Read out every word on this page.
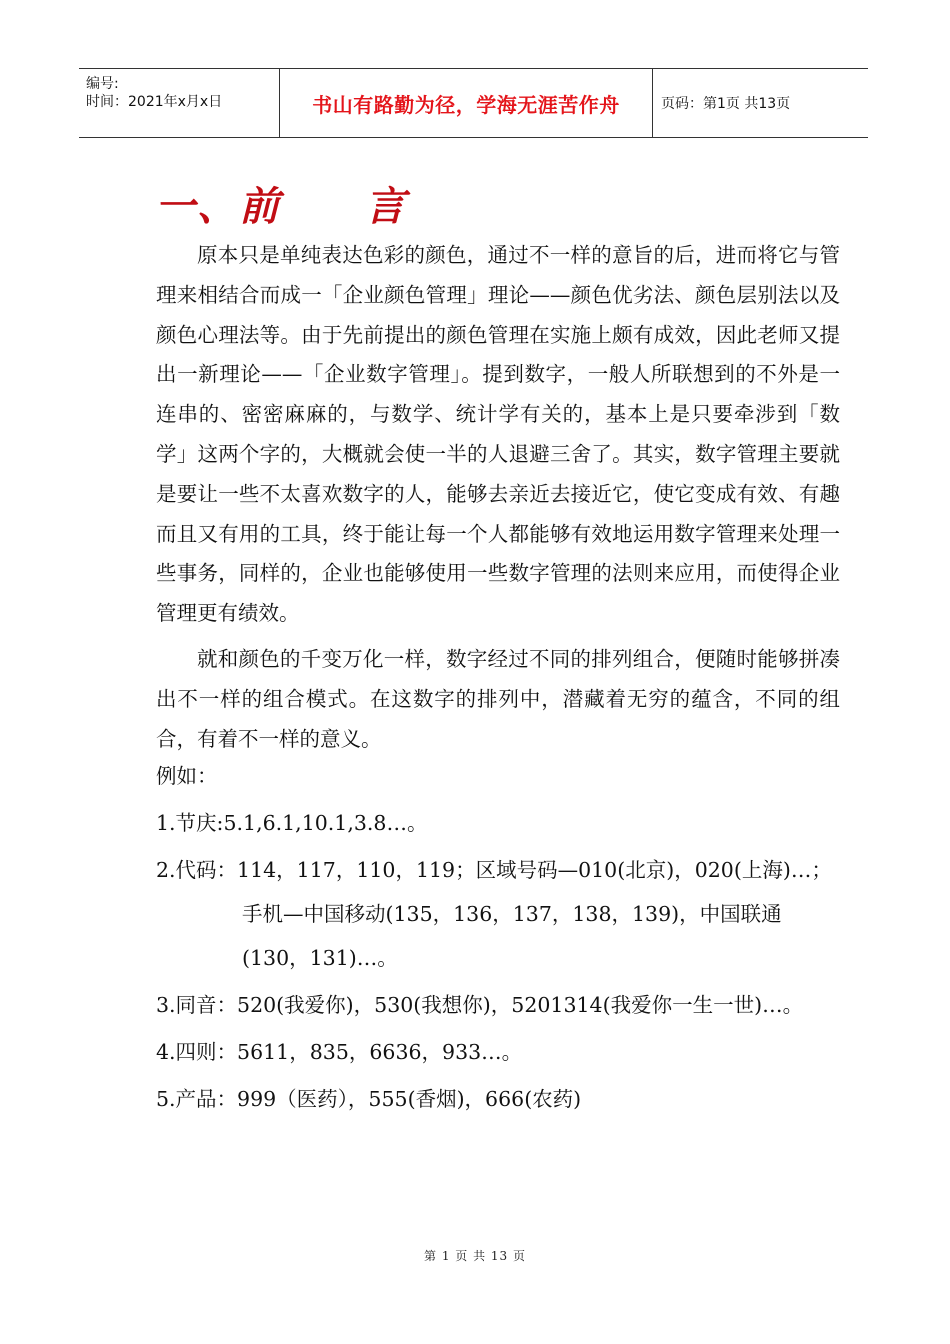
编号:
时间：2021年x月x日	书山有路勤为径，学海无涯苦作舟	页码：第1页 共13页
一、前　　言

原本只是单纯表达色彩的颜色，通过不一样的意旨的后，进而将它与管理来相结合而成一「企业颜色管理」理论——颜色优劣法、颜色层别法以及颜色心理法等。由于先前提出的颜色管理在实施上颇有成效，因此老师又提出一新理论——「企业数字管理」。提到数字，一般人所联想到的不外是一连串的、密密麻麻的，与数学、统计学有关的，基本上是只要牵涉到「数学」这两个字的，大概就会使一半的人退避三舍了。其实，数字管理主要就是要让一些不太喜欢数字的人，能够去亲近去接近它，使它变成有效、有趣而且又有用的工具，终于能让每一个人都能够有效地运用数字管理来处理一些事务，同样的，企业也能够使用一些数字管理的法则来应用，而使得企业管理更有绩效。

就和颜色的千变万化一样，数字经过不同的排列组合，便随时能够拼凑出不一样的组合模式。在这数字的排列中，潜藏着无穷的蕴含，不同的组合，有着不一样的意义。

例如：
1.节庆:5.1,6.1,10.1,3.8…。
2.代码：114，117，110，119；区域号码—010(北京)，020(上海)…；手机—中国移动(135，136，137，138，139)，中国联通(130，131)…。
3.同音：520(我爱你)，530(我想你)，5201314(我爱你一生一世)…。
4.四则：5611，835，6636，933…。
5.产品：999（医药），555(香烟)，666(农药)
第 1 页 共 13 页
